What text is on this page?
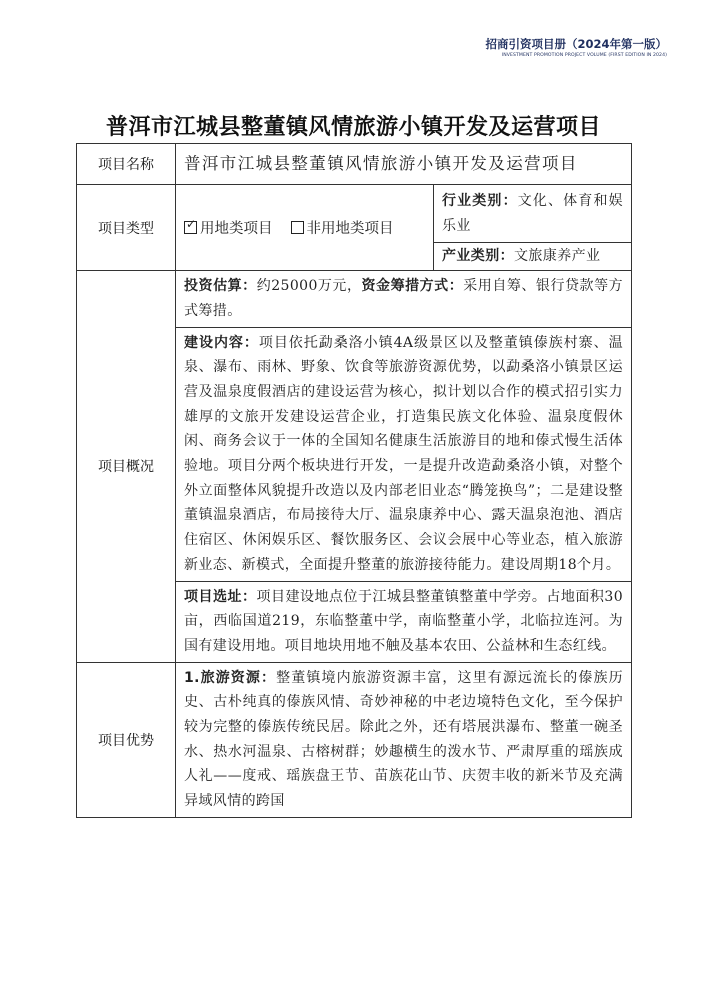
招商引资项目册（2024年第一版）
INVESTMENT PROMOTION PROJECT VOLUME (FIRST EDITION IN 2024)
普洱市江城县整董镇风情旅游小镇开发及运营项目
项目名称	普洱市江城县整董镇风情旅游小镇开发及运营项目	

项目类型	✓ 用地类项目 非用地类项目	行业类别：文化、体育和娱乐业

		产业类别：文旅康养产业

项目概况	投资估算：约25000万元，资金筹措方式：采用自筹、银行贷款等方式筹措。
建设内容：项目依托勐桑洛小镇4A级景区以及整董镇傣族村寨、温泉、瀑布、雨林、野象、饮食等旅游资源优势，以勐桑洛小镇景区运营及温泉度假酒店的建设运营为核心，拟计划以合作的模式招引实力雄厚的文旅开发建设运营企业，打造集民族文化体验、温泉度假休闲、商务会议于一体的全国知名健康生活旅游目的地和傣式慢生活体验地。项目分两个板块进行开发，一是提升改造勐桑洛小镇，对整个外立面整体风貌提升改造以及内部老旧业态“腾笼换鸟”；二是建设整董镇温泉酒店，布局接待大厅、温泉康养中心、露天温泉泡池、酒店住宿区、休闲娱乐区、餐饮服务区、会议会展中心等业态，植入旅游新业态、新模式，全面提升整董的旅游接待能力。建设周期18个月。
项目选址：项目建设地点位于江城县整董镇整董中学旁。占地面积30亩，西临国道219，东临整董中学，南临整董小学，北临拉连河。为国有建设用地。项目地块用地不触及基本农田、公益林和生态红线。	

项目优势	1.旅游资源：整董镇境内旅游资源丰富，这里有源远流长的傣族历史、古朴纯真的傣族风情、奇妙神秘的中老边境特色文化，至今保护较为完整的傣族传统民居。除此之外，还有塔展洪瀑布、整董一碗圣水、热水河温泉、古榕树群；妙趣横生的泼水节、严肃厚重的瑶族成人礼——度戒、瑶族盘王节、苗族花山节、庆贺丰收的新米节及充满异域风情的跨国	
